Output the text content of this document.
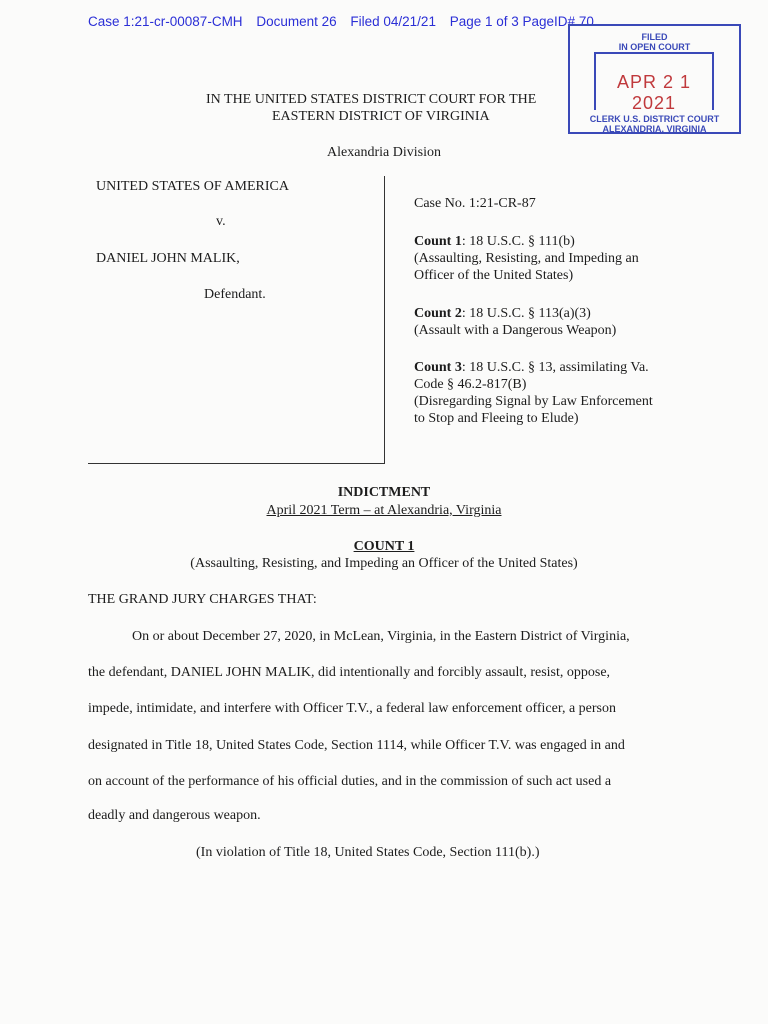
Case 1:21-cr-00087-CMH Document 26 Filed 04/21/21 Page 1 of 3 PageID# 70
FILED
IN OPEN COURT
APR 2 1 2021
CLERK U.S. DISTRICT COURT
ALEXANDRIA, VIRGINIA
IN THE UNITED STATES DISTRICT COURT FOR THE
EASTERN DISTRICT OF VIRGINIA
Alexandria Division
UNITED STATES OF AMERICA
v.
DANIEL JOHN MALIK,
Defendant.
Case No. 1:21-CR-87
Count 1: 18 U.S.C. § 111(b)
(Assaulting, Resisting, and Impeding an
Officer of the United States)
Count 2: 18 U.S.C. § 113(a)(3)
(Assault with a Dangerous Weapon)
Count 3: 18 U.S.C. § 13, assimilating Va.
Code § 46.2-817(B)
(Disregarding Signal by Law Enforcement
to Stop and Fleeing to Elude)
INDICTMENT
April 2021 Term – at Alexandria, Virginia
COUNT 1
(Assaulting, Resisting, and Impeding an Officer of the United States)
THE GRAND JURY CHARGES THAT:
On or about December 27, 2020, in McLean, Virginia, in the Eastern District of Virginia,
the defendant, DANIEL JOHN MALIK, did intentionally and forcibly assault, resist, oppose,
impede, intimidate, and interfere with Officer T.V., a federal law enforcement officer, a person
designated in Title 18, United States Code, Section 1114, while Officer T.V. was engaged in and
on account of the performance of his official duties, and in the commission of such act used a
deadly and dangerous weapon.
(In violation of Title 18, United States Code, Section 111(b).)
